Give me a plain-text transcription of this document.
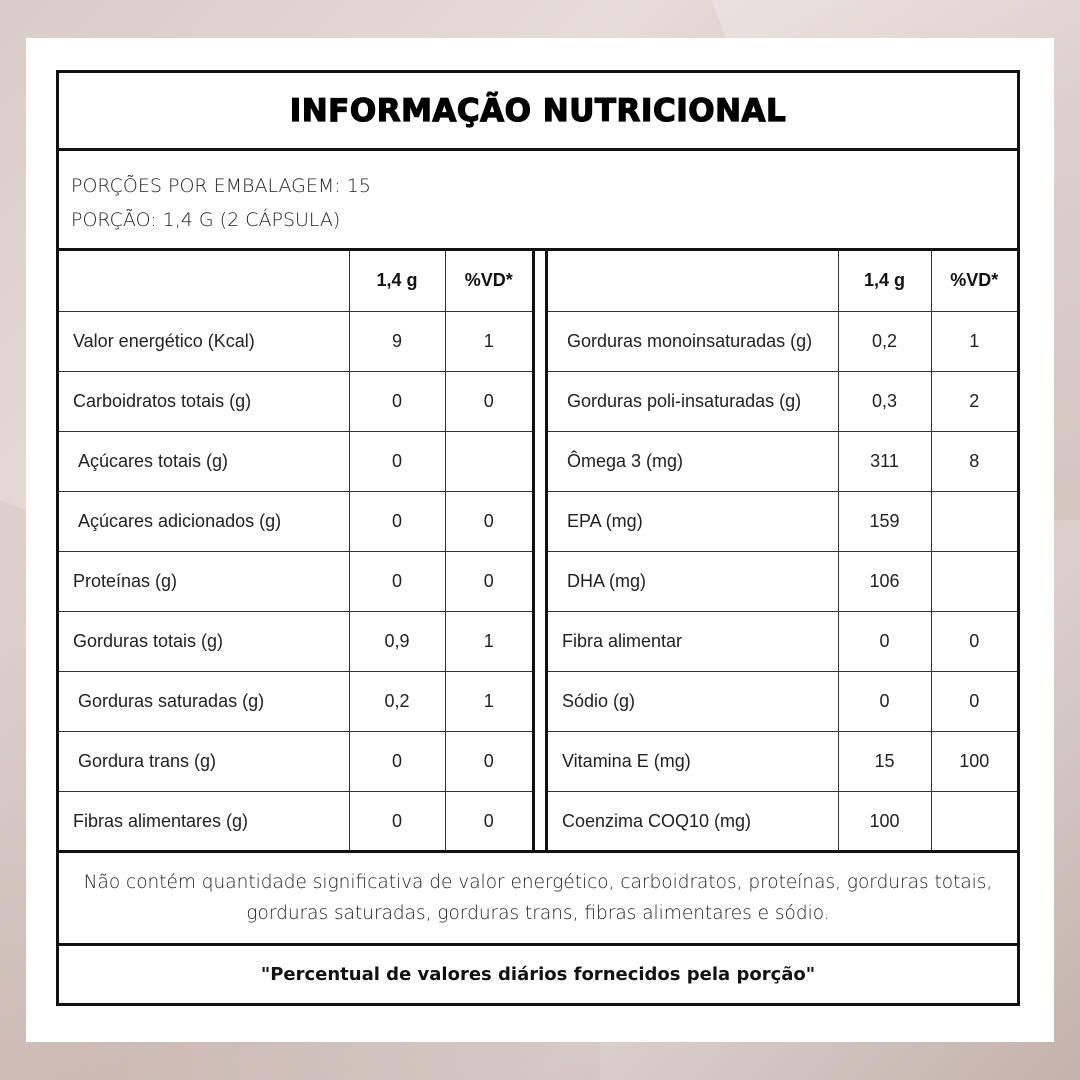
INFORMAÇÃO NUTRICIONAL
PORÇÕES POR EMBALAGEM: 15
PORÇÃO: 1,4 G (2 CÁPSULA)
	1,4 g	%VD*
Valor energético (Kcal)	9	1
Carboidratos totais (g)	0	0
Açúcares totais (g)	0	
Açúcares adicionados (g)	0	0
Proteínas (g)	0	0
Gorduras totais (g)	0,9	1
Gorduras saturadas (g)	0,2	1
Gordura trans (g)	0	0
Fibras alimentares (g)	0	0
	1,4 g	%VD*
Gorduras monoinsaturadas (g)	0,2	1
Gorduras poli-insaturadas (g)	0,3	2
Ômega 3 (mg)	311	8
EPA (mg)	159	
DHA (mg)	106	
Fibra alimentar	0	0
Sódio (g)	0	0
Vitamina E (mg)	15	100
Coenzima COQ10 (mg)	100	
Não contém quantidade significativa de valor energético, carboidratos, proteínas, gorduras totais, gorduras saturadas, gorduras trans, fibras alimentares e sódio.
"Percentual de valores diários fornecidos pela porção"
